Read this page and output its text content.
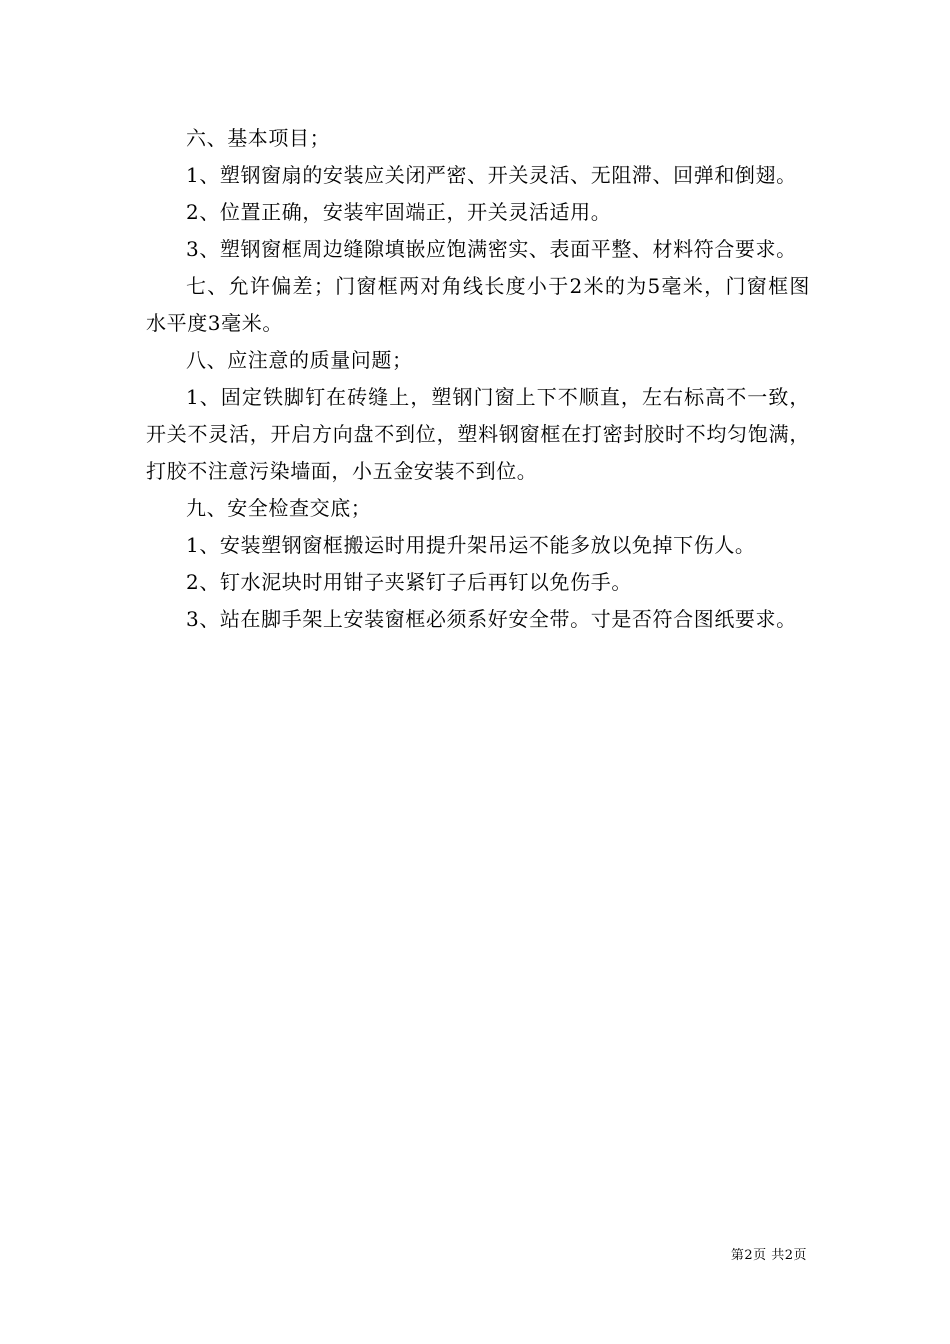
六、基本项目；

1、塑钢窗扇的安装应关闭严密、开关灵活、无阻滞、回弹和倒翅。

2、位置正确，安装牢固端正，开关灵活适用。

3、塑钢窗框周边缝隙填嵌应饱满密实、表面平整、材料符合要求。

七、允许偏差；门窗框两对角线长度小于2米的为5毫米，门窗框图水平度3毫米。

八、应注意的质量问题；

1、固定铁脚钉在砖缝上，塑钢门窗上下不顺直，左右标高不一致，开关不灵活，开启方向盘不到位，塑料钢窗框在打密封胶时不均匀饱满，打胶不注意污染墙面，小五金安装不到位。

九、安全检查交底；

1、安装塑钢窗框搬运时用提升架吊运不能多放以免掉下伤人。

2、钉水泥块时用钳子夹紧钉子后再钉以免伤手。

3、站在脚手架上安装窗框必须系好安全带。寸是否符合图纸要求。

第2页 共2页
